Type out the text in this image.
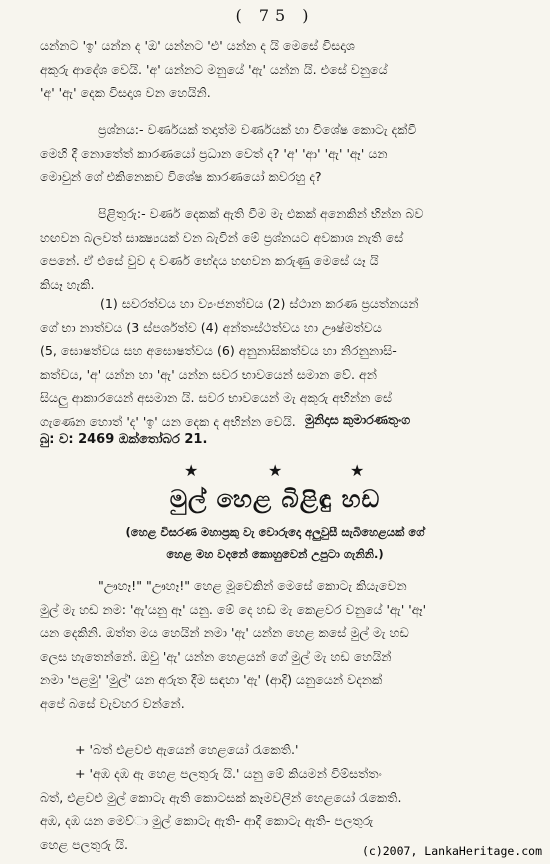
( 75 )
යන්නට 'ඉ' යන්න ද 'ඔ' යන්නට 'එ' යන්න ද යි මෙසේ විසදෘශ
අකුරු ආදේශ වෙයි. 'අ' යන්නට මනුයේ 'ඇ' යන්න යි. එසේ වනුයේ
'අ' 'ඇ' දෙක විසදෘශ වන හෙයිනි.
ප්‍රශ්නය:- වර්ණයක් තදාත්ම වර්ණයක් හා විශේෂ කොටැ දක්වී
මෙහි දී නොතේත් කාරණයෝ ප්‍රධාන වෙත් ද? 'අ' 'ආ' 'ඇ' 'ඈ' යන
මොවුන් ගේ එකිනෙකව විශේෂ කාරණයෝ කවරහු ද?
පිළිතුරු:- වර්ණ දෙකක් ඇති වීම මැ එකක් අනෙකින් භින්න බව
හඟවන බලවත් සාක්‍ෂ්‍යයක් වන බැවින් මේ ප්‍රශ්නයට අවකාශ නැති සේ
පෙනේ. ඒ එසේ වුව ද වර්ණ භේදය හඟවන කරුණු මෙසේ යෑ යි
කියෑ හැකි.
(1) සවරත්වය හා ව්‍යංජනත්වය (2) ස්ථාන කරණ ප්‍රයත්නයන්
ගේ භා නාත්වය (3 ස්පර්ශත්ව (4) අන්තඃස්ථත්වය හා ඌෂ්මත්වය
(5, ඝොෂත්වය සහ අඝොෂත්වය (6) අනුනාසිකත්වය හා නිරනුනාසි-
කත්වය, 'අ' යන්න හා 'ඇ' යන්න සවර භාවයෙන් සමාන වේ. අන්
සියලු ආකාරයෙන් අසමාන යි. සවර භාවයෙන් මැ අකුරු අභින්න සේ
ගැණෙන හොත් 'ද' 'ඉ' යන දෙක ද අභින්න වෙයි. මුනිදාස කුමාරණතුංග
බු: ව: 2469 ඔක්තෝබර 21.
★	★	★
මුල් හෙළ බිළිඳු හඩ
(හෙළ විසරණ මහාප්‍රකු වැ වොරුදො අලුවුසී සැබිහෙළයක් ගේ
හෙළ මහ වදනේ කොහුවෙන් උපුටා ගැනිනි.)
"ඌහෑ!" "ඌහෑ!" හෙළ මූවෙකින් මෙසේ කොටැ කියැවෙන
මුල් මැ හඩ නම: 'ඇ'යනු ඈ' යනු. මේ දෙ හඩ මැ කෙළවර වනුයේ 'ඇ' 'ඈ'
යන දෙකිනි. ඔත්ත මය හෙයින් නමා 'ඇ' යන්න හෙළ කසේ මුල් මැ හඩ
ලෙස හැතෙන්නේ. ඔවු 'ඇ' යන්න හෙළයන් ගේ මුල් මැ හඩ හෙයින්
නමා 'පළමු' 'මුල්' යන අරුත දීම සඳහා 'ඇ' (ආදි) යනුයෙන් වදනක්
අපේ බසේ වැවහර වන්නේ.
+ 'බත් එළවළු ඇයෙන් හෙළයෝ රැකෙති.'
+ 'අඹ දඹ ඇ හෙළ පලතුරු යි.' යනු මේ කියමන් විම්සත්තං
බත්, එළවළු මුල් කොටැ ඇති කොටසක් කෑමවලින් හෙළයෝ රැකෙති.
අඹ, දඹ යන මෙව්ා මුල් කොටැ ඇති- ආදී කොටැ ඇති- පලතුරු
හෙළ පලතුරු යි.	(c)2007, LankaHeritage.com
